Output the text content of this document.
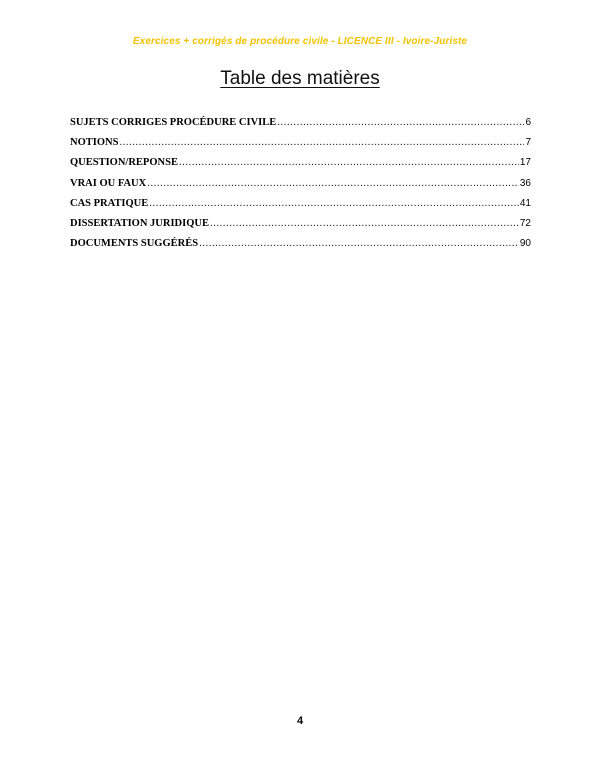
Exercices + corrigés de procédure civile - LICENCE III - Ivoire-Juriste
Table des matières
SUJETS CORRIGES PROCÉDURE CIVILE .....	6
NOTIONS .....	7
QUESTION/REPONSE .....	17
VRAI OU FAUX .....	36
CAS PRATIQUE .....	41
DISSERTATION JURIDIQUE .....	72
DOCUMENTS SUGGÉRÉS .....	90
4
